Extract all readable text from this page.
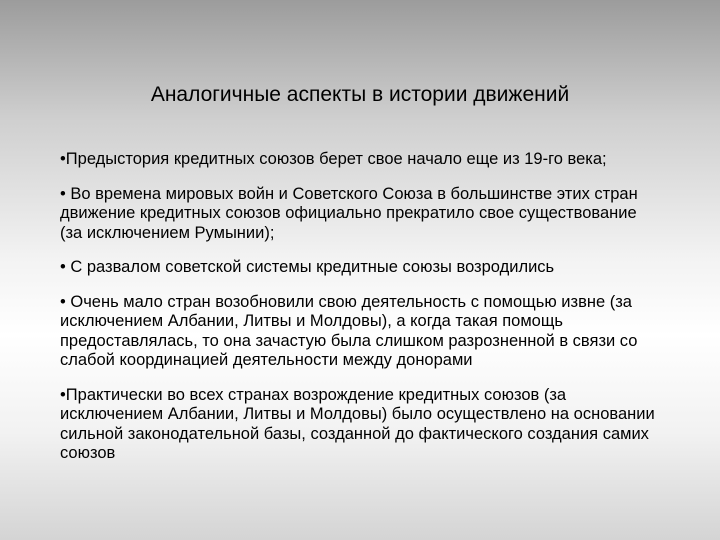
Аналогичные аспекты в истории движений
•Предыстория кредитных союзов берет свое начало еще из 19-го века;
• Во времена мировых войн и Советского Союза в большинстве этих стран движение кредитных союзов официально прекратило свое существование (за исключением Румынии);
• С развалом советской системы кредитные союзы возродились
• Очень мало стран возобновили свою деятельность с помощью извне (за исключением Албании, Литвы и Молдовы), а когда такая помощь предоставлялась, то она зачастую была слишком разрозненной в связи со слабой координацией деятельности между донорами
•Практически во всех странах возрождение кредитных союзов (за исключением Албании, Литвы и Молдовы) было осуществлено на основании сильной законодательной базы, созданной до фактического создания самих союзов
